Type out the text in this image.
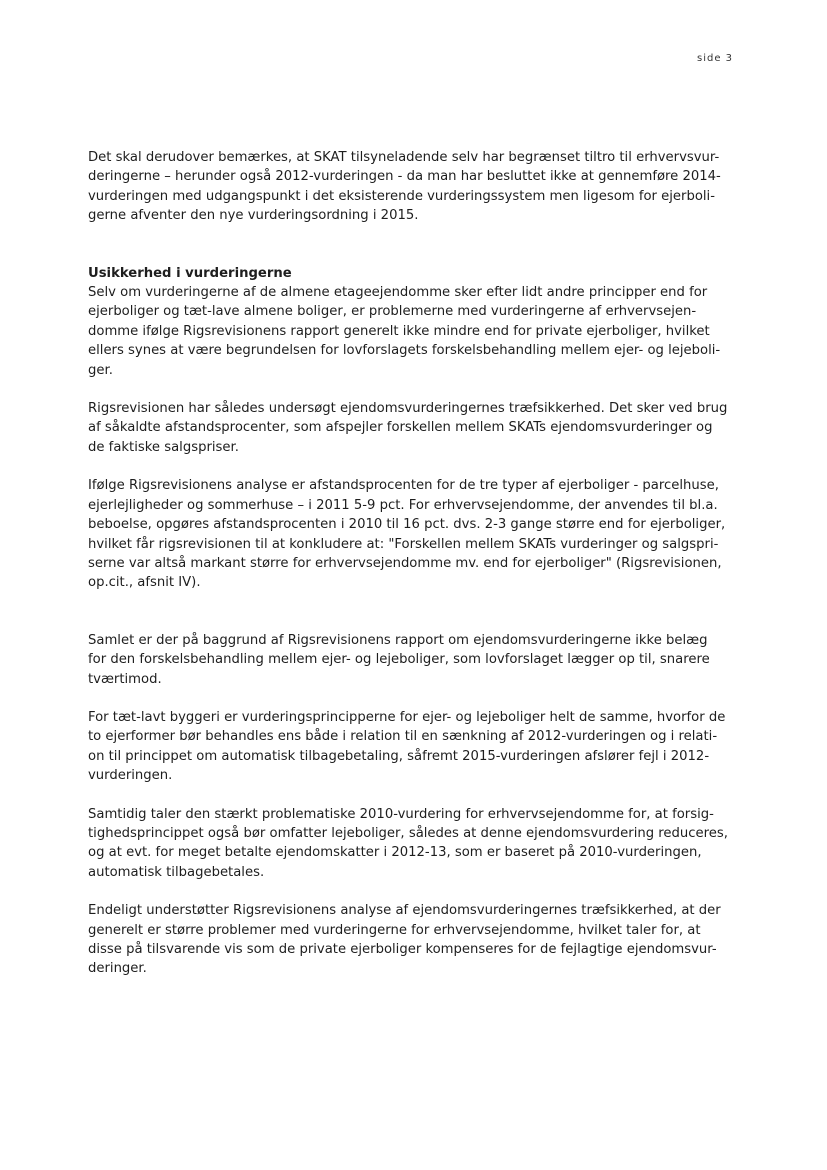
side 3

Det skal derudover bemærkes, at SKAT tilsyneladende selv har begrænset tiltro til erhvervsvur-
deringerne – herunder også 2012-vurderingen - da man har besluttet ikke at gennemføre 2014-
vurderingen med udgangspunkt i det eksisterende vurderingssystem men ligesom for ejerboli-
gerne afventer den nye vurderingsordning i 2015.

Usikkerhed i vurderingerne
Selv om vurderingerne af de almene etageejendomme sker efter lidt andre principper end for
ejerboliger og tæt-lave almene boliger, er problemerne med vurderingerne af erhvervsejen-
domme ifølge Rigsrevisionens rapport generelt ikke mindre end for private ejerboliger, hvilket
ellers synes at være begrundelsen for lovforslagets forskelsbehandling mellem ejer- og lejeboli-
ger.

Rigsrevisionen har således undersøgt ejendomsvurderingernes træfsikkerhed. Det sker ved brug
af såkaldte afstandsprocenter, som afspejler forskellen mellem SKATs ejendomsvurderinger og
de faktiske salgspriser.

Ifølge Rigsrevisionens analyse er afstandsprocenten for de tre typer af ejerboliger - parcelhuse,
ejerlejligheder og sommerhuse – i 2011 5-9 pct. For erhvervsejendomme, der anvendes til bl.a.
beboelse, opgøres afstandsprocenten i 2010 til 16 pct. dvs. 2-3 gange større end for ejerboliger,
hvilket får rigsrevisionen til at konkludere at: "Forskellen mellem SKATs vurderinger og salgspri-
serne var altså markant større for erhvervsejendomme mv. end for ejerboliger" (Rigsrevisionen,
op.cit., afsnit IV).

Samlet er der på baggrund af Rigsrevisionens rapport om ejendomsvurderingerne ikke belæg
for den forskelsbehandling mellem ejer- og lejeboliger, som lovforslaget lægger op til, snarere
tværtimod.

For tæt-lavt byggeri er vurderingsprincipperne for ejer- og lejeboliger helt de samme, hvorfor de
to ejerformer bør behandles ens både i relation til en sænkning af 2012-vurderingen og i relati-
on til princippet om automatisk tilbagebetaling, såfremt 2015-vurderingen afslører fejl i 2012-
vurderingen.

Samtidig taler den stærkt problematiske 2010-vurdering for erhvervsejendomme for, at forsig-
tighedsprincippet også bør omfatter lejeboliger, således at denne ejendomsvurdering reduceres,
og at evt. for meget betalte ejendomskatter i 2012-13, som er baseret på 2010-vurderingen,
automatisk tilbagebetales.

Endeligt understøtter Rigsrevisionens analyse af ejendomsvurderingernes træfsikkerhed, at der
generelt er større problemer med vurderingerne for erhvervsejendomme, hvilket taler for, at
disse på tilsvarende vis som de private ejerboliger kompenseres for de fejlagtige ejendomsvur-
deringer.
